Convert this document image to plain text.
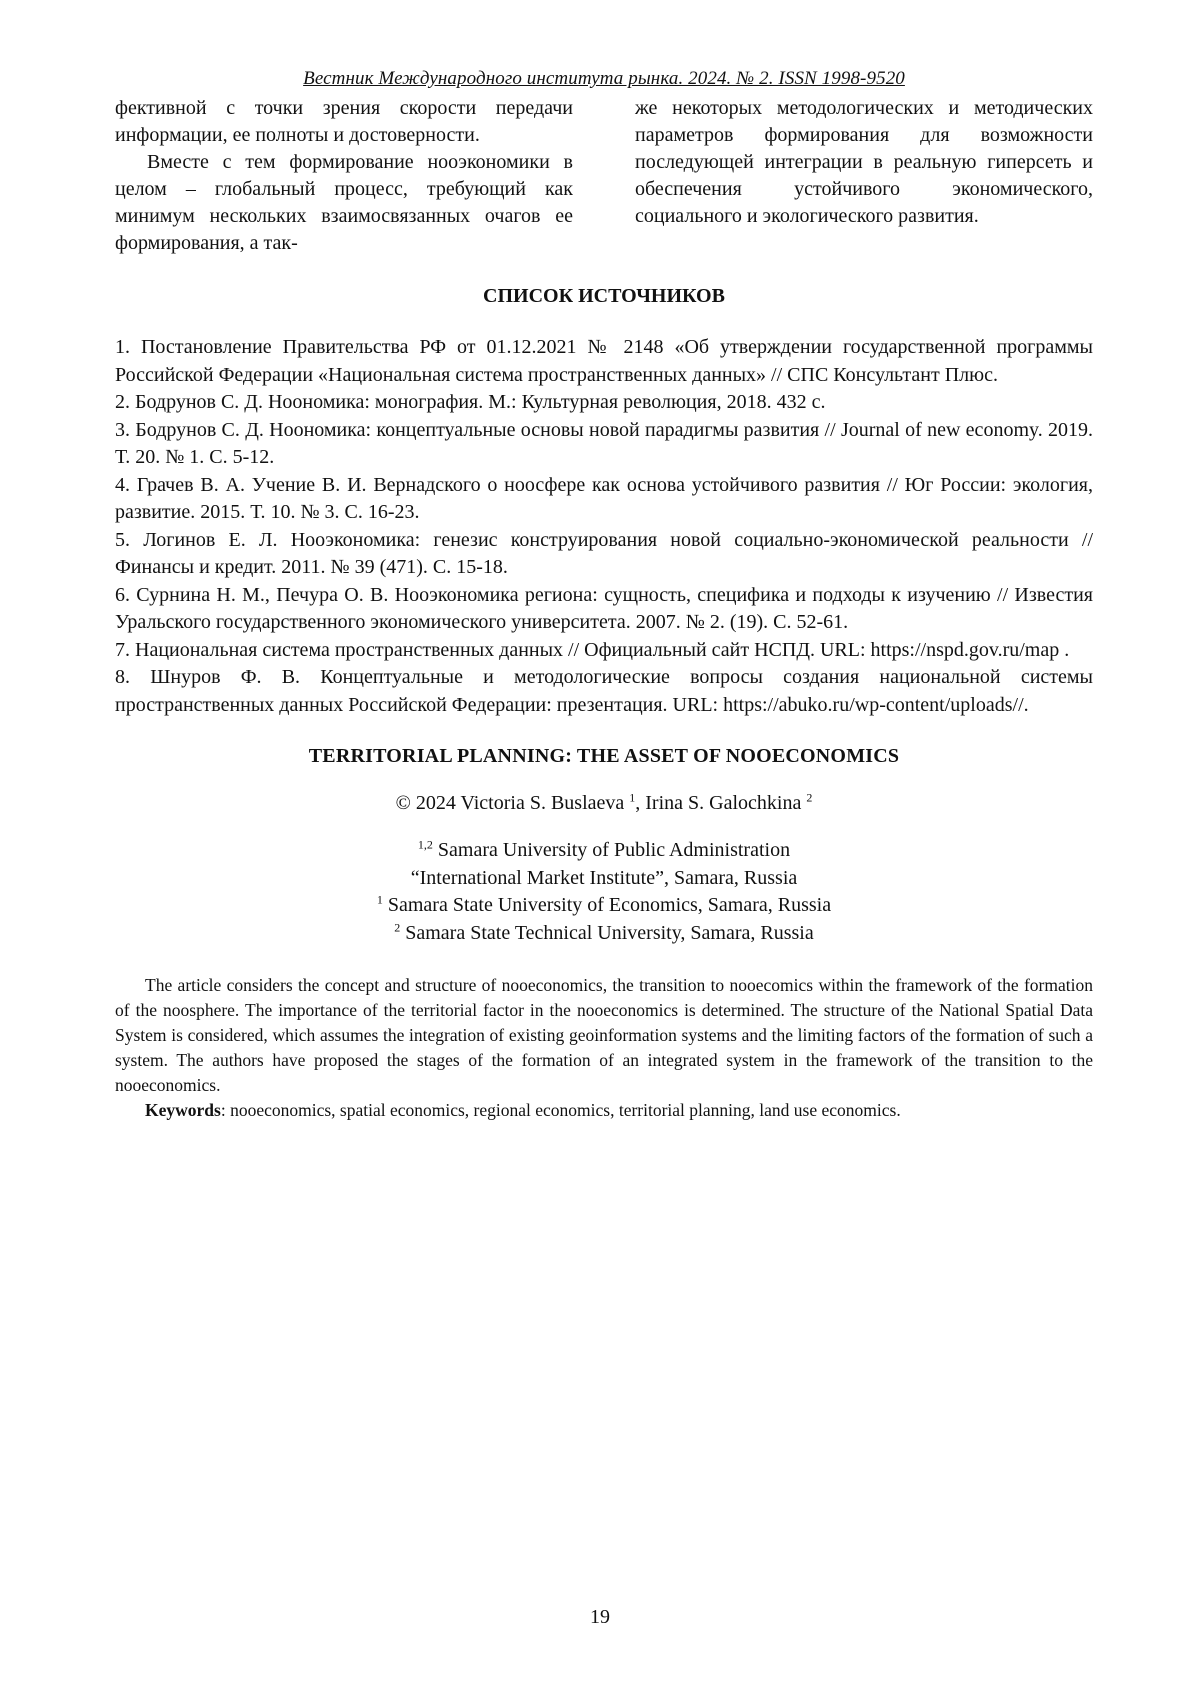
Вестник Международного института рынка. 2024. № 2. ISSN 1998-9520

фективной с точки зрения скорости передачи информации, ее полноты и достоверности.

Вместе с тем формирование нооэкономики в целом – глобальный процесс, требующий как минимум нескольких взаимосвязанных очагов ее формирования, а так-

же некоторых методологических и методических параметров формирования для возможности последующей интеграции в реальную гиперсеть и обеспечения устойчивого экономического, социального и экологического развития.

СПИСОК ИСТОЧНИКОВ
1. Постановление Правительства РФ от 01.12.2021 № 2148 «Об утверждении государственной программы Российской Федерации «Национальная система пространственных данных» // СПС Консультант Плюс.
2. Бодрунов С. Д. Нoономика: монография. М.: Культурная революция, 2018. 432 с.
3. Бодрунов С. Д. Нoономика: концептуальные основы новой парадигмы развития // Journal of new economy. 2019. Т. 20. № 1. С. 5-12.
4. Грачев В. А. Учение В. И. Вернадского о ноосфере как основа устойчивого развития // Юг России: экология, развитие. 2015. Т. 10. № 3. С. 16-23.
5. Логинов Е. Л. Нооэкономика: генезис конструирования новой социально-экономической реальности // Финансы и кредит. 2011. № 39 (471). С. 15-18.
6. Сурнина Н. М., Печура О. В. Нооэкономика региона: сущность, специфика и подходы к изучению // Известия Уральского государственного экономического университета. 2007. № 2. (19). С. 52-61.
7. Национальная система пространственных данных // Официальный сайт НСПД. URL: https://nspd.gov.ru/map .
8. Шнуров Ф. В. Концептуальные и методологические вопросы создания национальной системы пространственных данных Российской Федерации: презентация. URL: https://abuko.ru/wp-content/uploads//.
TERRITORIAL PLANNING: THE ASSET OF NOOECONOMICS
© 2024 Victoria S. Buslaeva $^1$, Irina S. Galochkina $^2$
$^{1,2}$ Samara University of Public Administration
“International Market Institute”, Samara, Russia
$^1$ Samara State University of Economics, Samara, Russia
$^2$ Samara State Technical University, Samara, Russia

The article considers the concept and structure of nooeconomics, the transition to nooecomics within the framework of the formation of the noosphere. The importance of the territorial factor in the nooeconomics is determined. The structure of the National Spatial Data System is considered, which assumes the integration of existing geoinformation systems and the limiting factors of the formation of such a system. The authors have proposed the stages of the formation of an integrated system in the framework of the transition to the nooeconomics.

Keywords: nooeconomics, spatial economics, regional economics, territorial planning, land use economics.

19
